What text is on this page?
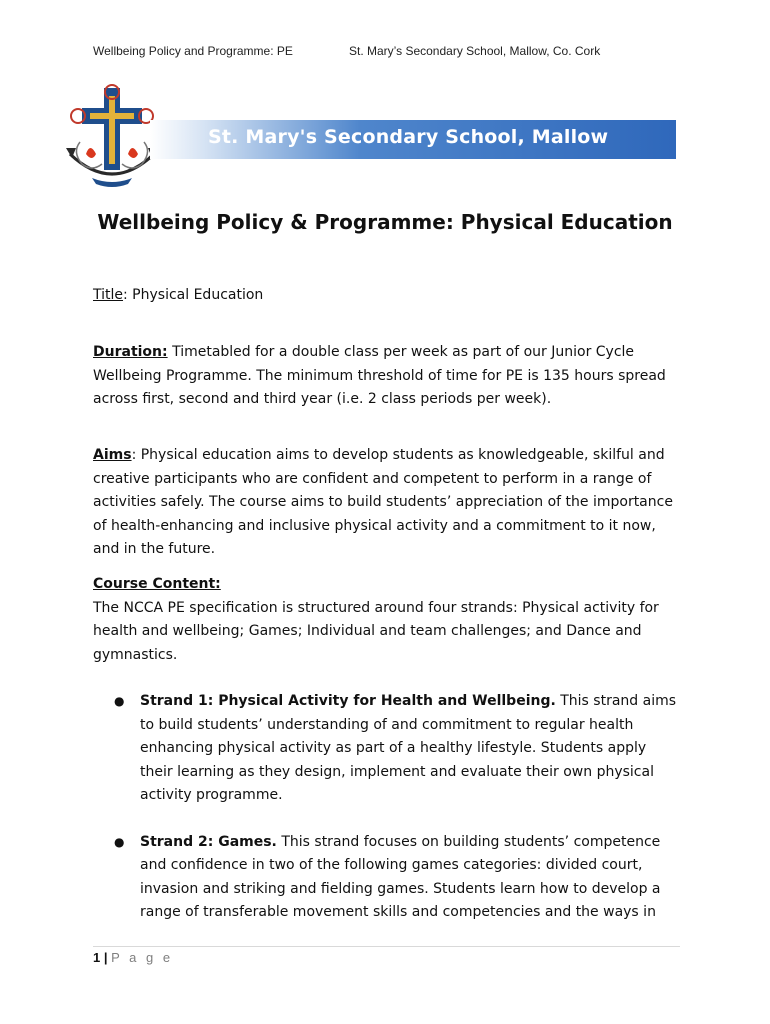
Wellbeing Policy and Programme: PE	St. Mary’s Secondary School, Mallow, Co. Cork
St. Mary's Secondary School, Mallow
Wellbeing Policy & Programme: Physical Education
Title: Physical Education
Duration: Timetabled for a double class per week as part of our Junior Cycle Wellbeing Programme. The minimum threshold of time for PE is 135 hours spread across first, second and third year (i.e. 2 class periods per week).
Aims: Physical education aims to develop students as knowledgeable, skilful and creative participants who are confident and competent to perform in a range of activities safely. The course aims to build students’ appreciation of the importance of health-enhancing and inclusive physical activity and a commitment to it now, and in the future.
Course Content:
The NCCA PE specification is structured around four strands: Physical activity for health and wellbeing; Games; Individual and team challenges; and Dance and gymnastics.
● Strand 1: Physical Activity for Health and Wellbeing. This strand aims to build students’ understanding of and commitment to regular health enhancing physical activity as part of a healthy lifestyle. Students apply their learning as they design, implement and evaluate their own physical activity programme.
● Strand 2: Games. This strand focuses on building students’ competence and confidence in two of the following games categories: divided court, invasion and striking and fielding games. Students learn how to develop a range of transferable movement skills and competencies and the ways in
1 | P a g e
